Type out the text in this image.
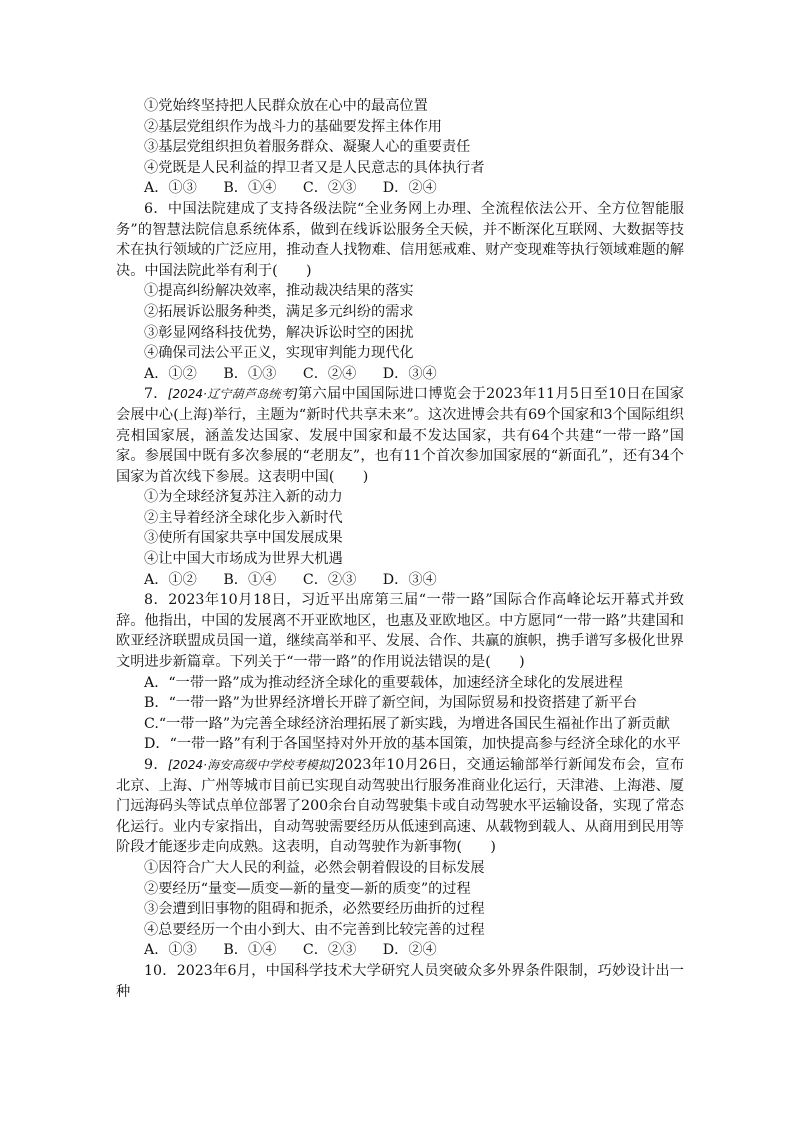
①党始终坚持把人民群众放在心中的最高位置
②基层党组织作为战斗力的基础要发挥主体作用
③基层党组织担负着服务群众、凝聚人心的重要责任
④党既是人民利益的捍卫者又是人民意志的具体执行者
A．①③ B．①④ C．②③ D．②④
6．中国法院建成了支持各级法院“全业务网上办理、全流程依法公开、全方位智能服务”的智慧法院信息系统体系，做到在线诉讼服务全天候，并不断深化互联网、大数据等技术在执行领域的广泛应用，推动查人找物难、信用惩戒难、财产变现难等执行领域难题的解决。中国法院此举有利于(　　)
①提高纠纷解决效率，推动裁决结果的落实
②拓展诉讼服务种类，满足多元纠纷的需求
③彰显网络科技优势，解决诉讼时空的困扰
④确保司法公平正义，实现审判能力现代化
A．①② B．①③ C．②④ D．③④
7．[2024·辽宁葫芦岛统考]第六届中国国际进口博览会于2023年11月5日至10日在国家会展中心(上海)举行，主题为“新时代共享未来”。这次进博会共有69个国家和3个国际组织亮相国家展，涵盖发达国家、发展中国家和最不发达国家，共有64个共建“一带一路”国家。参展国中既有多次参展的“老朋友”，也有11个首次参加国家展的“新面孔”，还有34个国家为首次线下参展。这表明中国(　　)
①为全球经济复苏注入新的动力
②主导着经济全球化步入新时代
③使所有国家共享中国发展成果
④让中国大市场成为世界大机遇
A．①② B．①④ C．②③ D．③④
8．2023年10月18日，习近平出席第三届“一带一路”国际合作高峰论坛开幕式并致辞。他指出，中国的发展离不开亚欧地区，也惠及亚欧地区。中方愿同“一带一路”共建国和欧亚经济联盟成员国一道，继续高举和平、发展、合作、共赢的旗帜，携手谱写多极化世界文明进步新篇章。下列关于“一带一路”的作用说法错误的是(　　)
A．“一带一路”成为推动经济全球化的重要载体，加速经济全球化的发展进程
B．“一带一路”为世界经济增长开辟了新空间，为国际贸易和投资搭建了新平台
C.“一带一路”为完善全球经济治理拓展了新实践，为增进各国民生福祉作出了新贡献
D．“一带一路”有利于各国坚持对外开放的基本国策，加快提高参与经济全球化的水平
9．[2024·海安高级中学校考模拟]2023年10月26日，交通运输部举行新闻发布会，宣布北京、上海、广州等城市目前已实现自动驾驶出行服务准商业化运行，天津港、上海港、厦门远海码头等试点单位部署了200余台自动驾驶集卡或自动驾驶水平运输设备，实现了常态化运行。业内专家指出，自动驾驶需要经历从低速到高速、从载物到载人、从商用到民用等阶段才能逐步走向成熟。这表明，自动驾驶作为新事物(　　)
①因符合广大人民的利益，必然会朝着假设的目标发展
②要经历“量变—质变—新的量变—新的质变”的过程
③会遭到旧事物的阻碍和扼杀，必然要经历曲折的过程
④总要经历一个由小到大、由不完善到比较完善的过程
A．①③ B．①④ C．②③ D．②④
10．2023年6月，中国科学技术大学研究人员突破众多外界条件限制，巧妙设计出一种
